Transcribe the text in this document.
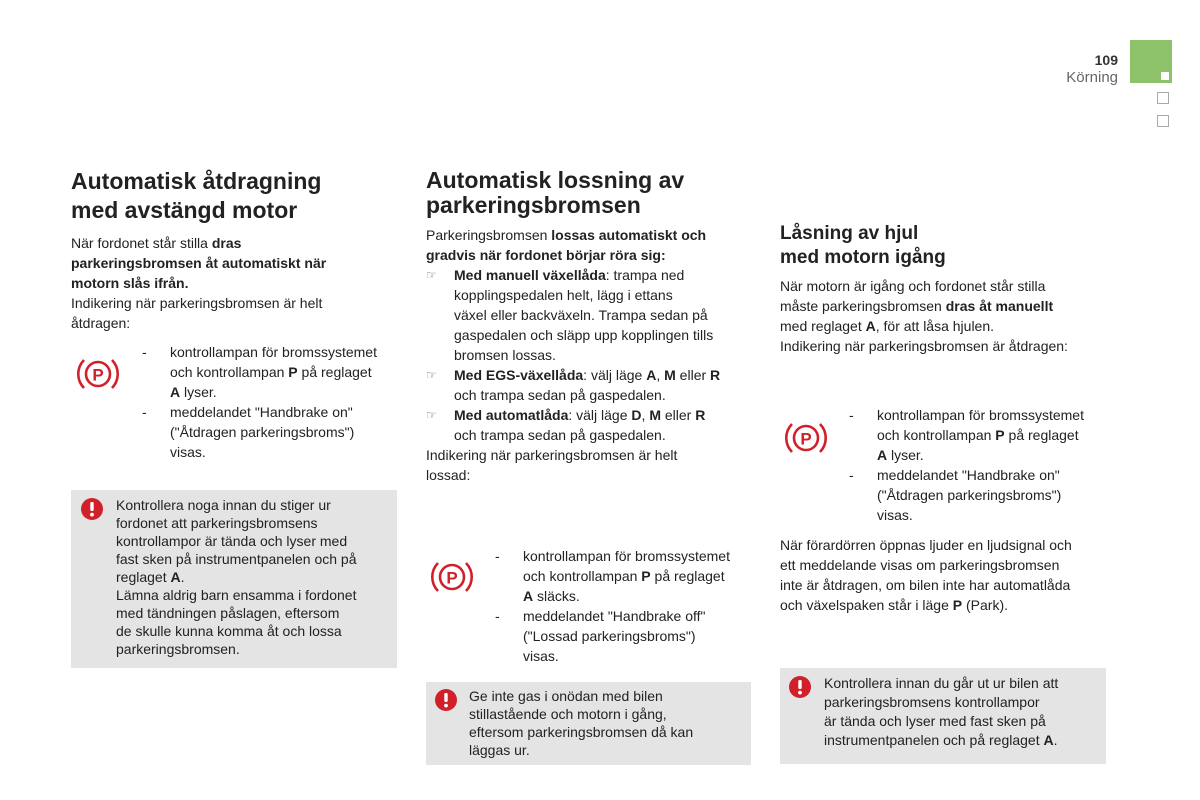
109
Körning
Automatisk åtdragning
med avstängd motor
När fordonet står stilla dras
parkeringsbromsen åt automatiskt när
motorn slås ifrån.
Indikering när parkeringsbromsen är helt
åtdragen:
P
-	kontrollampan för bromssystemet
och kontrollampan P på reglaget
A lyser.
-	meddelandet "Handbrake on"
("Åtdragen parkeringsbroms")
visas.
Kontrollera noga innan du stiger ur
fordonet att parkeringsbromsens
kontrollampor är tända och lyser med
fast sken på instrumentpanelen och på
reglaget A.
Lämna aldrig barn ensamma i fordonet
med tändningen påslagen, eftersom
de skulle kunna komma åt och lossa
parkeringsbromsen.
Automatisk lossning av
parkeringsbromsen
Parkeringsbromsen lossas automatiskt och
gradvis när fordonet börjar röra sig:
☞	Med manuell växellåda: trampa ned
kopplingspedalen helt, lägg i ettans
växel eller backväxeln. Trampa sedan på
gaspedalen och släpp upp kopplingen tills
bromsen lossas.
☞	Med EGS-växellåda: välj läge A, M eller R
och trampa sedan på gaspedalen.
☞	Med automatlåda: välj läge D, M eller R
och trampa sedan på gaspedalen.
Indikering när parkeringsbromsen är helt
lossad:
P
-	kontrollampan för bromssystemet
och kontrollampan P på reglaget
A släcks.
-	meddelandet "Handbrake off"
("Lossad parkeringsbroms")
visas.
Ge inte gas i onödan med bilen
stillastående och motorn i gång,
eftersom parkeringsbromsen då kan
läggas ur.
Låsning av hjul
med motorn igång
När motorn är igång och fordonet står stilla
måste parkeringsbromsen dras åt manuellt
med reglaget A, för att låsa hjulen.
Indikering när parkeringsbromsen är åtdragen:
P
-	kontrollampan för bromssystemet
och kontrollampan P på reglaget
A lyser.
-	meddelandet "Handbrake on"
("Åtdragen parkeringsbroms")
visas.
När förardörren öppnas ljuder en ljudsignal och
ett meddelande visas om parkeringsbromsen
inte är åtdragen, om bilen inte har automatlåda
och växelspaken står i läge P (Park).
Kontrollera innan du går ut ur bilen att
parkeringsbromsens kontrollampor
är tända och lyser med fast sken på
instrumentpanelen och på reglaget A.
